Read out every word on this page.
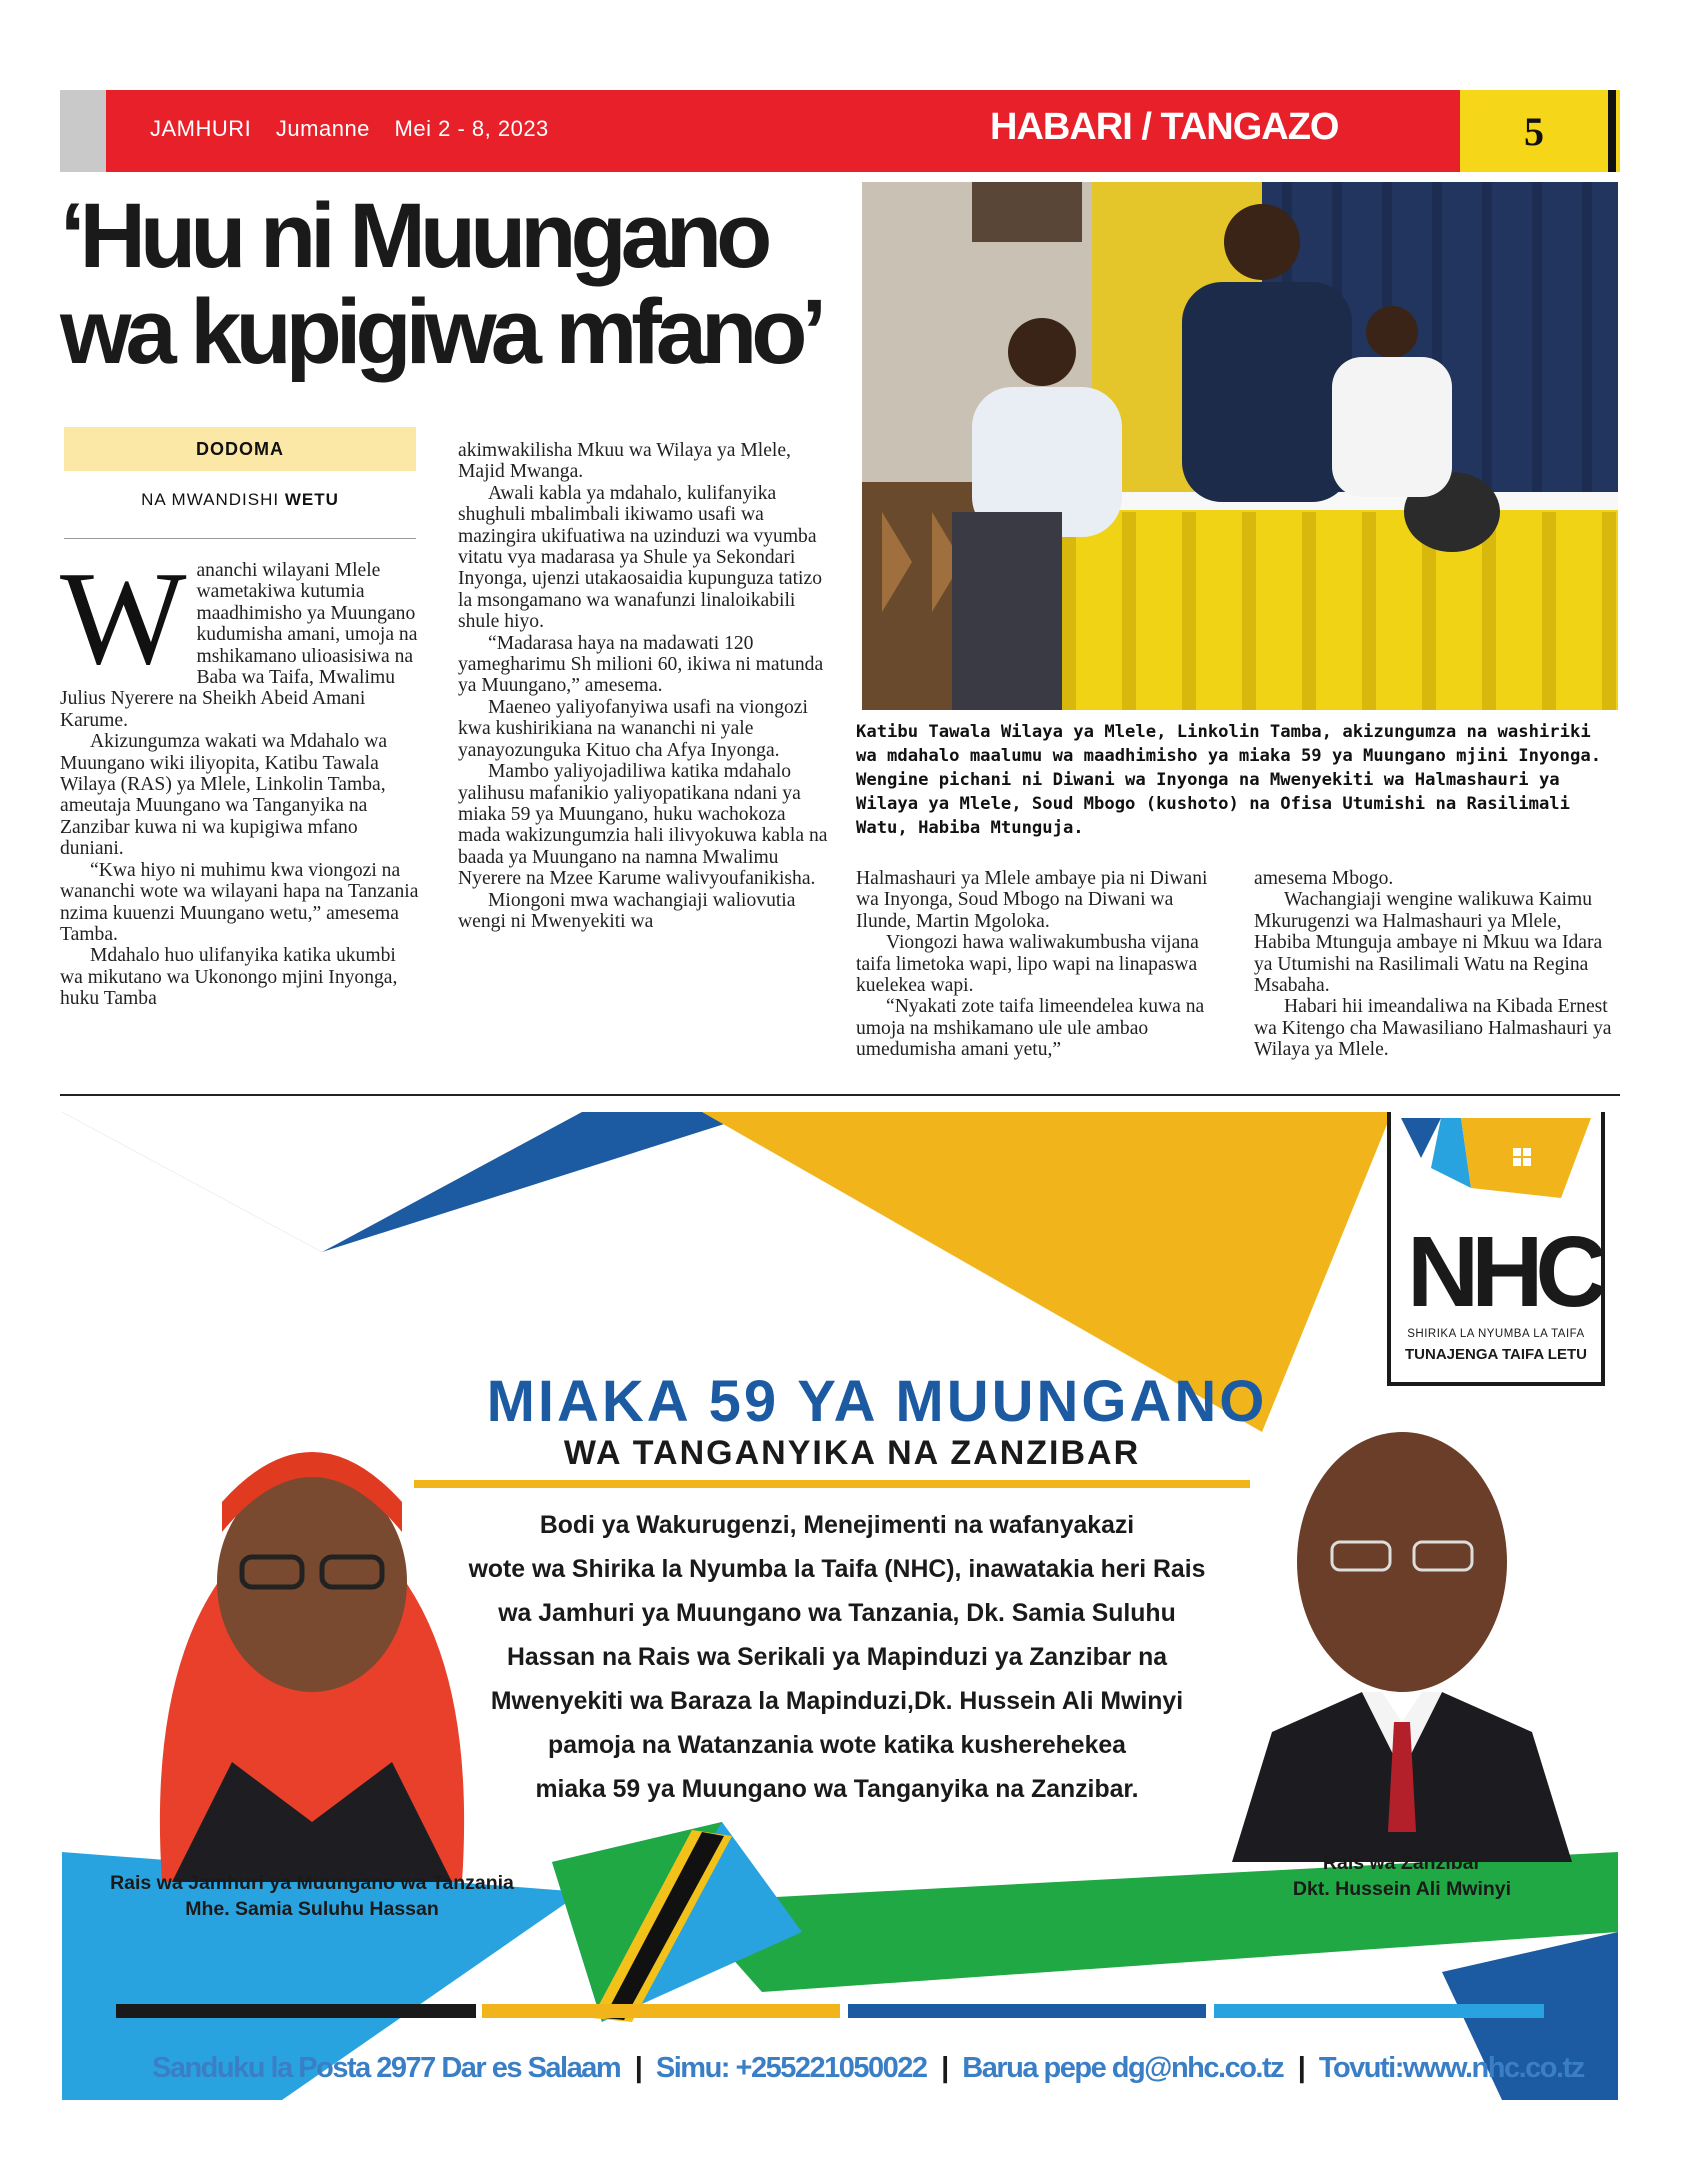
JAMHURI Jumanne Mei 2 - 8, 2023	HABARI / TANGAZO	5
‘Huu ni Muungano
wa kupigiwa mfano’
DODOMA
NA MWANDISHI WETU
W ananchi wilayani Mlele wametakiwa kutumia maadhimisho ya Muungano kudumisha amani, umoja na mshikamano ulioasisiwa na Baba wa Taifa, Mwalimu Julius Nyerere na Sheikh Abeid Amani Karume.

Akizungumza wakati wa Mdahalo wa Muungano wiki iliyopita, Katibu Tawala Wilaya (RAS) ya Mlele, Linkolin Tamba, ameutaja Muungano wa Tanganyika na Zanzibar kuwa ni wa kupigiwa mfano duniani.

“Kwa hiyo ni muhimu kwa viongozi na wananchi wote wa wilayani hapa na Tanzania nzima kuuenzi Muungano wetu,” amesema Tamba.

Mdahalo huo ulifanyika katika ukumbi wa mikutano wa Ukonongo mjini Inyonga, huku Tamba

akimwakilisha Mkuu wa Wilaya ya Mlele, Majid Mwanga.

Awali kabla ya mdahalo, kulifanyika shughuli mbalimbali ikiwamo usafi wa mazingira ukifuatiwa na uzinduzi wa vyumba vitatu vya madarasa ya Shule ya Sekondari Inyonga, ujenzi utakaosaidia kupunguza tatizo la msongamano wa wanafunzi linaloikabili shule hiyo.

“Madarasa haya na madawati 120 yamegharimu Sh milioni 60, ikiwa ni matunda ya Muungano,” amesema.

Maeneo yaliyofanyiwa usafi na viongozi kwa kushirikiana na wananchi ni yale yanayozunguka Kituo cha Afya Inyonga.

Mambo yaliyojadiliwa katika mdahalo yalihusu mafanikio yaliyopatikana ndani ya miaka 59 ya Muungano, huku wachokoza mada wakizungumzia hali ilivyokuwa kabla na baada ya Muungano na namna Mwalimu Nyerere na Mzee Karume walivyoufanikisha.

Miongoni mwa wachangiaji waliovutia wengi ni Mwenyekiti wa

Katibu Tawala Wilaya ya Mlele, Linkolin Tamba, akizungumza na washiriki wa mdahalo maalumu wa maadhimisho ya miaka 59 ya Muungano mjini Inyonga. Wengine pichani ni Diwani wa Inyonga na Mwenyekiti wa Halmashauri ya Wilaya ya Mlele, Soud Mbogo (kushoto) na Ofisa Utumishi na Rasilimali Watu, Habiba Mtunguja.

Halmashauri ya Mlele ambaye pia ni Diwani wa Inyonga, Soud Mbogo na Diwani wa Ilunde, Martin Mgoloka.

Viongozi hawa waliwakumbusha vijana taifa limetoka wapi, lipo wapi na linapaswa kuelekea wapi.

“Nyakati zote taifa limeendelea kuwa na umoja na mshikamano ule ule ambao umedumisha amani yetu,”

amesema Mbogo.

Wachangiaji wengine walikuwa Kaimu Mkurugenzi wa Halmashauri ya Mlele, Habiba Mtunguja ambaye ni Mkuu wa Idara ya Utumishi na Rasilimali Watu na Regina Msabaha.

Habari hii imeandaliwa na Kibada Ernest wa Kitengo cha Mawasiliano Halmashauri ya Wilaya ya Mlele.

NHC
SHIRIKA LA NYUMBA LA TAIFA
TUNAJENGA TAIFA LETU
MIAKA 59 YA MUUNGANO
WA TANGANYIKA NA ZANZIBAR
Bodi ya Wakurugenzi, Menejimenti na wafanyakazi
wote wa Shirika la Nyumba la Taifa (NHC), inawatakia heri Rais
wa Jamhuri ya Muungano wa Tanzania, Dk. Samia Suluhu
Hassan na Rais wa Serikali ya Mapinduzi ya Zanzibar na
Mwenyekiti wa Baraza la Mapinduzi,Dk. Hussein Ali Mwinyi
pamoja na Watanzania wote katika kusherehekea
miaka 59 ya Muungano wa Tanganyika na Zanzibar.
Rais wa Jamhuri ya Muungano wa Tanzania
Mhe. Samia Suluhu Hassan
Rais wa Zanzibar
Dkt. Hussein Ali Mwinyi
Sanduku la Posta 2977 Dar es Salaam | Simu: +255221050022 | Barua pepe dg@nhc.co.tz | Tovuti:www.nhc.co.tz
